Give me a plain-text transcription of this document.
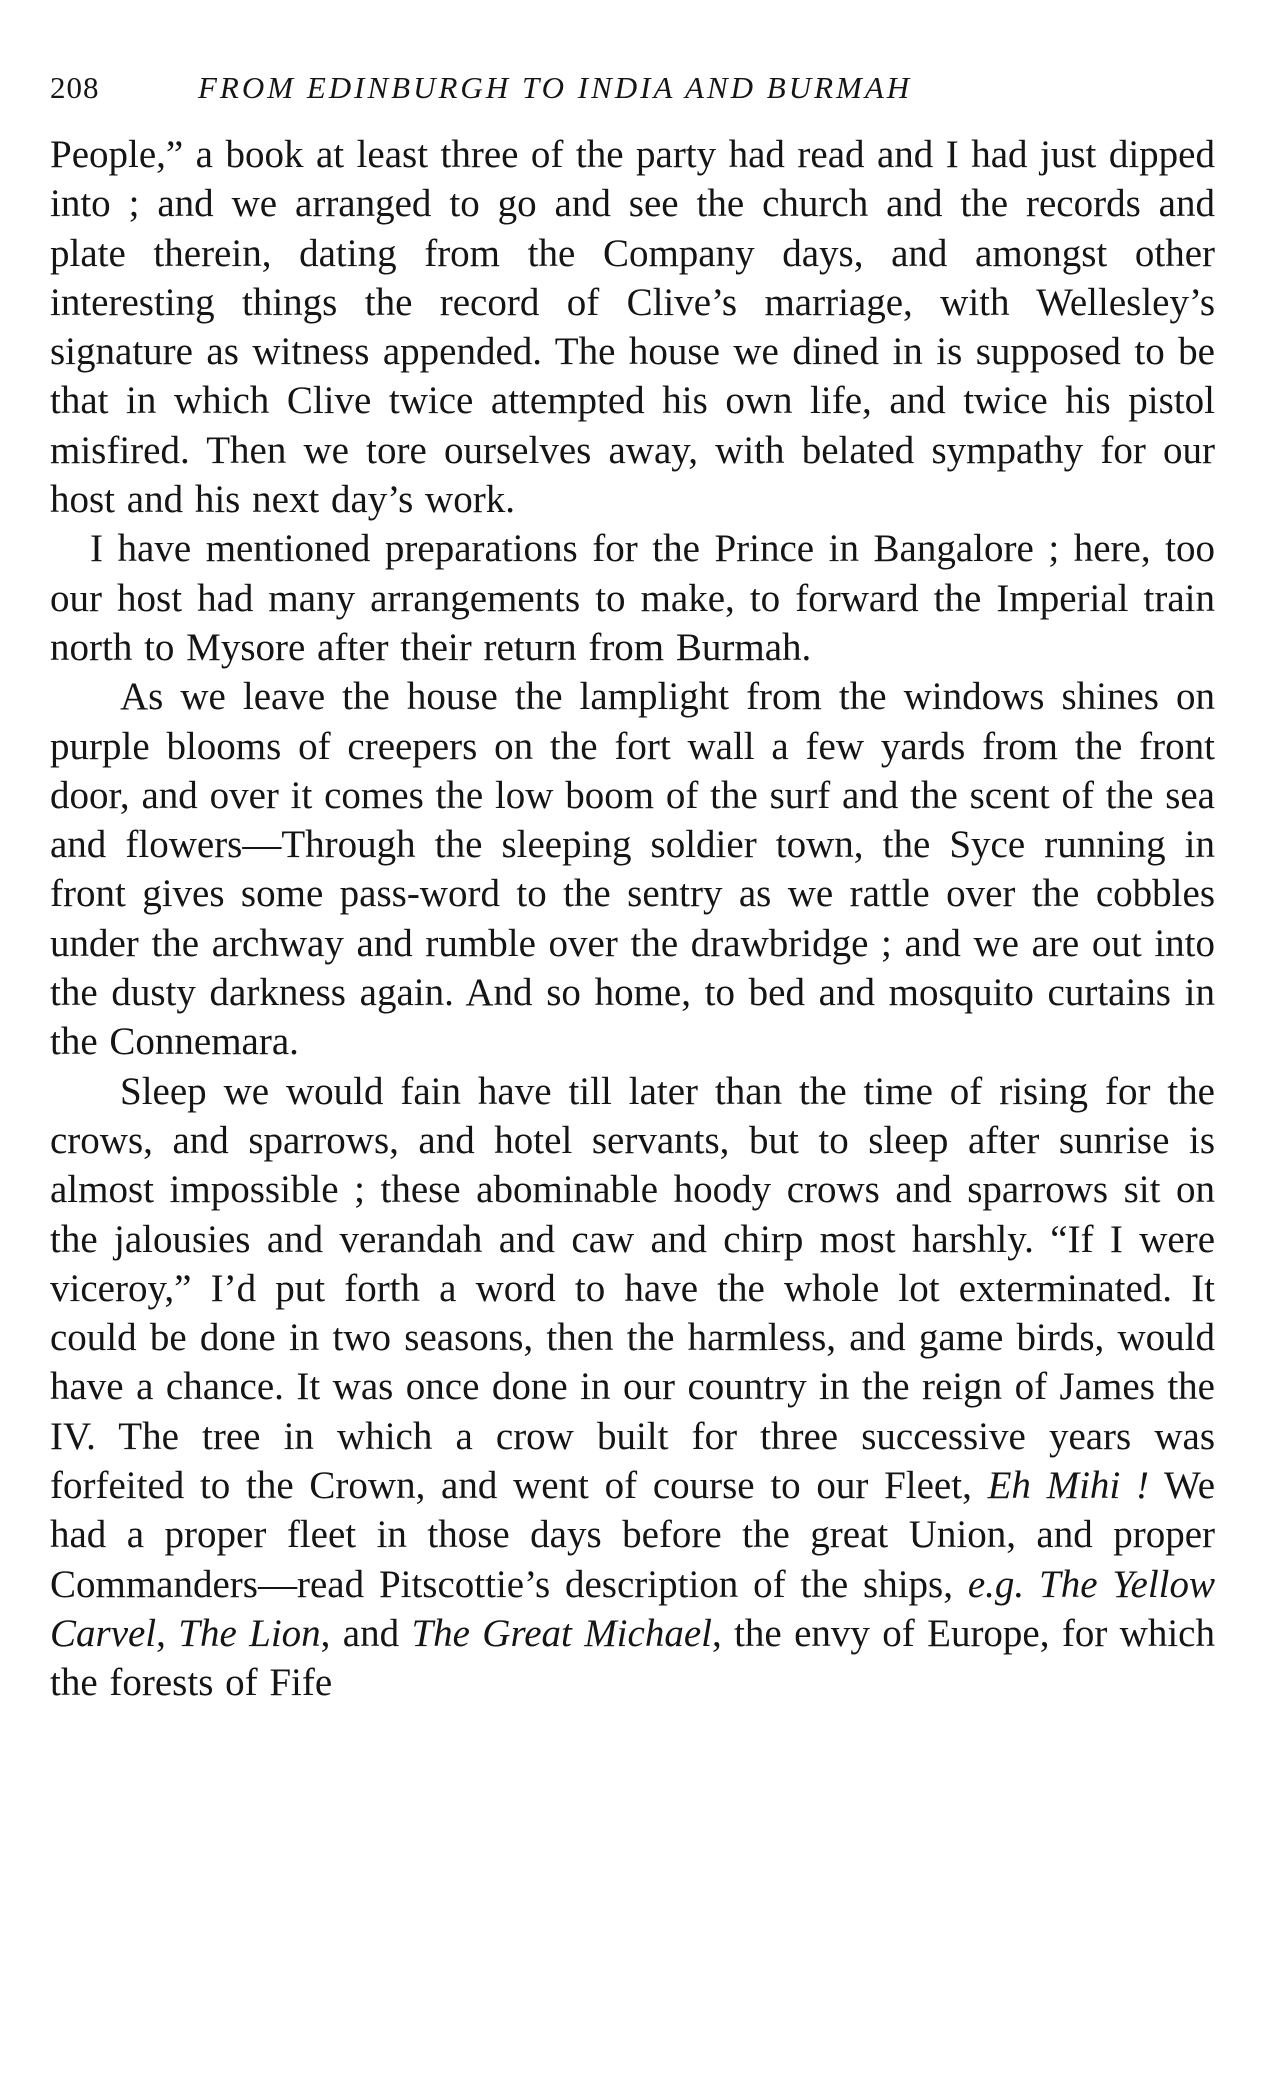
208	FROM EDINBURGH TO INDIA AND BURMAH

People,” a book at least three of the party had read and I had just dipped into ; and we arranged to go and see the church and the records and plate therein, dating from the Company days, and amongst other interesting things the record of Clive’s marriage, with Wellesley’s signature as witness appended. The house we dined in is supposed to be that in which Clive twice attempted his own life, and twice his pistol misfired. Then we tore ourselves away, with belated sympathy for our host and his next day’s work.

I have mentioned preparations for the Prince in Bangalore ; here, too our host had many arrangements to make, to forward the Imperial train north to Mysore after their return from Burmah.

As we leave the house the lamplight from the windows shines on purple blooms of creepers on the fort wall a few yards from the front door, and over it comes the low boom of the surf and the scent of the sea and flowers—Through the sleeping soldier town, the Syce running in front gives some pass-word to the sentry as we rattle over the cobbles under the archway and rumble over the drawbridge ; and we are out into the dusty darkness again. And so home, to bed and mosquito curtains in the Connemara.

Sleep we would fain have till later than the time of rising for the crows, and sparrows, and hotel servants, but to sleep after sunrise is almost impossible ; these abominable hoody crows and sparrows sit on the jalousies and verandah and caw and chirp most harshly. “If I were viceroy,” I’d put forth a word to have the whole lot exterminated. It could be done in two seasons, then the harmless, and game birds, would have a chance. It was once done in our country in the reign of James the IV. The tree in which a crow built for three successive years was forfeited to the Crown, and went of course to our Fleet, Eh Mihi ! We had a proper fleet in those days before the great Union, and proper Commanders—read Pitscottie’s description of the ships, e.g. The Yellow Carvel, The Lion, and The Great Michael, the envy of Europe, for which the forests of Fife
